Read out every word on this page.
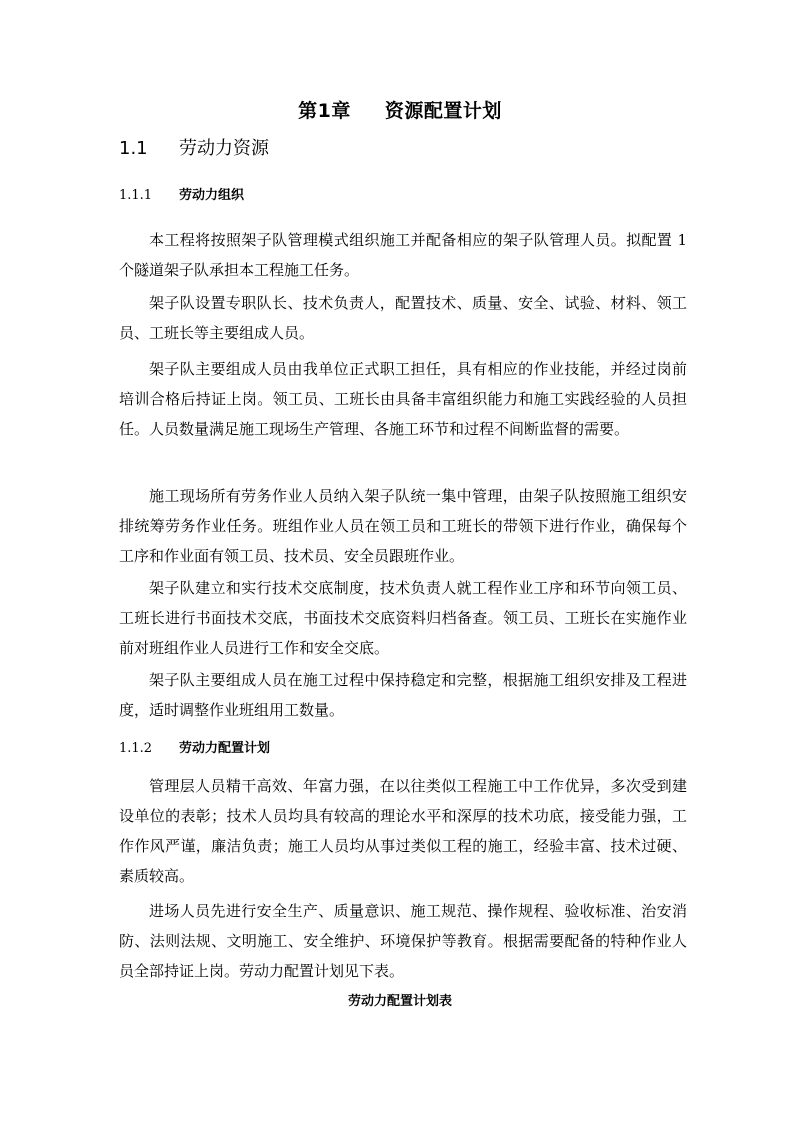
第1章 资源配置计划
1.1 劳动力资源
1.1.1 劳动力组织

本工程将按照架子队管理模式组织施工并配备相应的架子队管理人员。拟配置 1 个隧道架子队承担本工程施工任务。

架子队设置专职队长、技术负责人，配置技术、质量、安全、试验、材料、领工员、工班长等主要组成人员。

架子队主要组成人员由我单位正式职工担任，具有相应的作业技能，并经过岗前培训合格后持证上岗。领工员、工班长由具备丰富组织能力和施工实践经验的人员担任。人员数量满足施工现场生产管理、各施工环节和过程不间断监督的需要。

施工现场所有劳务作业人员纳入架子队统一集中管理，由架子队按照施工组织安排统筹劳务作业任务。班组作业人员在领工员和工班长的带领下进行作业，确保每个工序和作业面有领工员、技术员、安全员跟班作业。

架子队建立和实行技术交底制度，技术负责人就工程作业工序和环节向领工员、工班长进行书面技术交底，书面技术交底资料归档备查。领工员、工班长在实施作业前对班组作业人员进行工作和安全交底。

架子队主要组成人员在施工过程中保持稳定和完整，根据施工组织安排及工程进度，适时调整作业班组用工数量。

1.1.2 劳动力配置计划

管理层人员精干高效、年富力强，在以往类似工程施工中工作优异，多次受到建设单位的表彰；技术人员均具有较高的理论水平和深厚的技术功底，接受能力强，工作作风严谨，廉洁负责；施工人员均从事过类似工程的施工，经验丰富、技术过硬、素质较高。

进场人员先进行安全生产、质量意识、施工规范、操作规程、验收标准、治安消防、法则法规、文明施工、安全维护、环境保护等教育。根据需要配备的特种作业人员全部持证上岗。劳动力配置计划见下表。

劳动力配置计划表
